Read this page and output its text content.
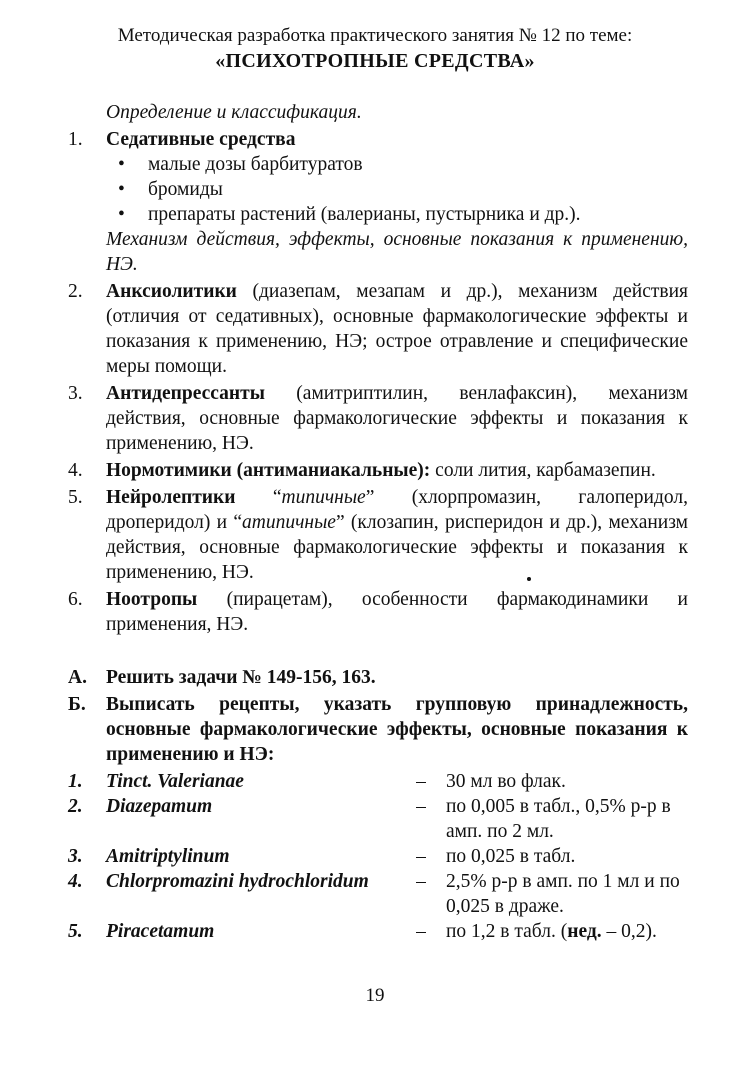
Методическая разработка практического занятия № 12 по теме:
«ПСИХОТРОПНЫЕ СРЕДСТВА»
Определение и классификация.
1. Седативные средства
• малые дозы барбитуратов
• бромиды
• препараты растений (валерианы, пустырника и др.).
Механизм действия, эффекты, основные показания к применению, НЭ.
2. Анксиолитики (диазепам, мезапам и др.), механизм действия (отличия от седативных), основные фармакологические эффекты и показания к применению, НЭ; острое отравление и специфические меры помощи.
3. Антидепрессанты (амитриптилин, венлафаксин), механизм действия, основные фармакологические эффекты и показания к применению, НЭ.
4. Нормотимики (антиманиакальные): соли лития, карбамазепин.
5. Нейролептики “типичные” (хлорпромазин, галоперидол, дроперидол) и “атипичные” (клозапин, рисперидон и др.), механизм действия, основные фармакологические эффекты и показания к применению, НЭ.
6. Ноотропы (пирацетам), особенности фармакодинамики и применения, НЭ.
А. Решить задачи № 149-156, 163.
Б. Выписать рецепты, указать групповую принадлежность, основные фармакологические эффекты, основные показания к применению и НЭ:
1.	Tinct. Valerianae	–	30 мл во флак.
2.	Diazepamum	–	по 0,005 в табл., 0,5% р-р в амп. по 2 мл.
3.	Amitriptylinum	–	по 0,025 в табл.
4.	Chlorpromazini hydrochloridum	–	2,5% р-р в амп. по 1 мл и по 0,025 в драже.
5.	Piracetamum	–	по 1,2 в табл. (нед. – 0,2).
19
